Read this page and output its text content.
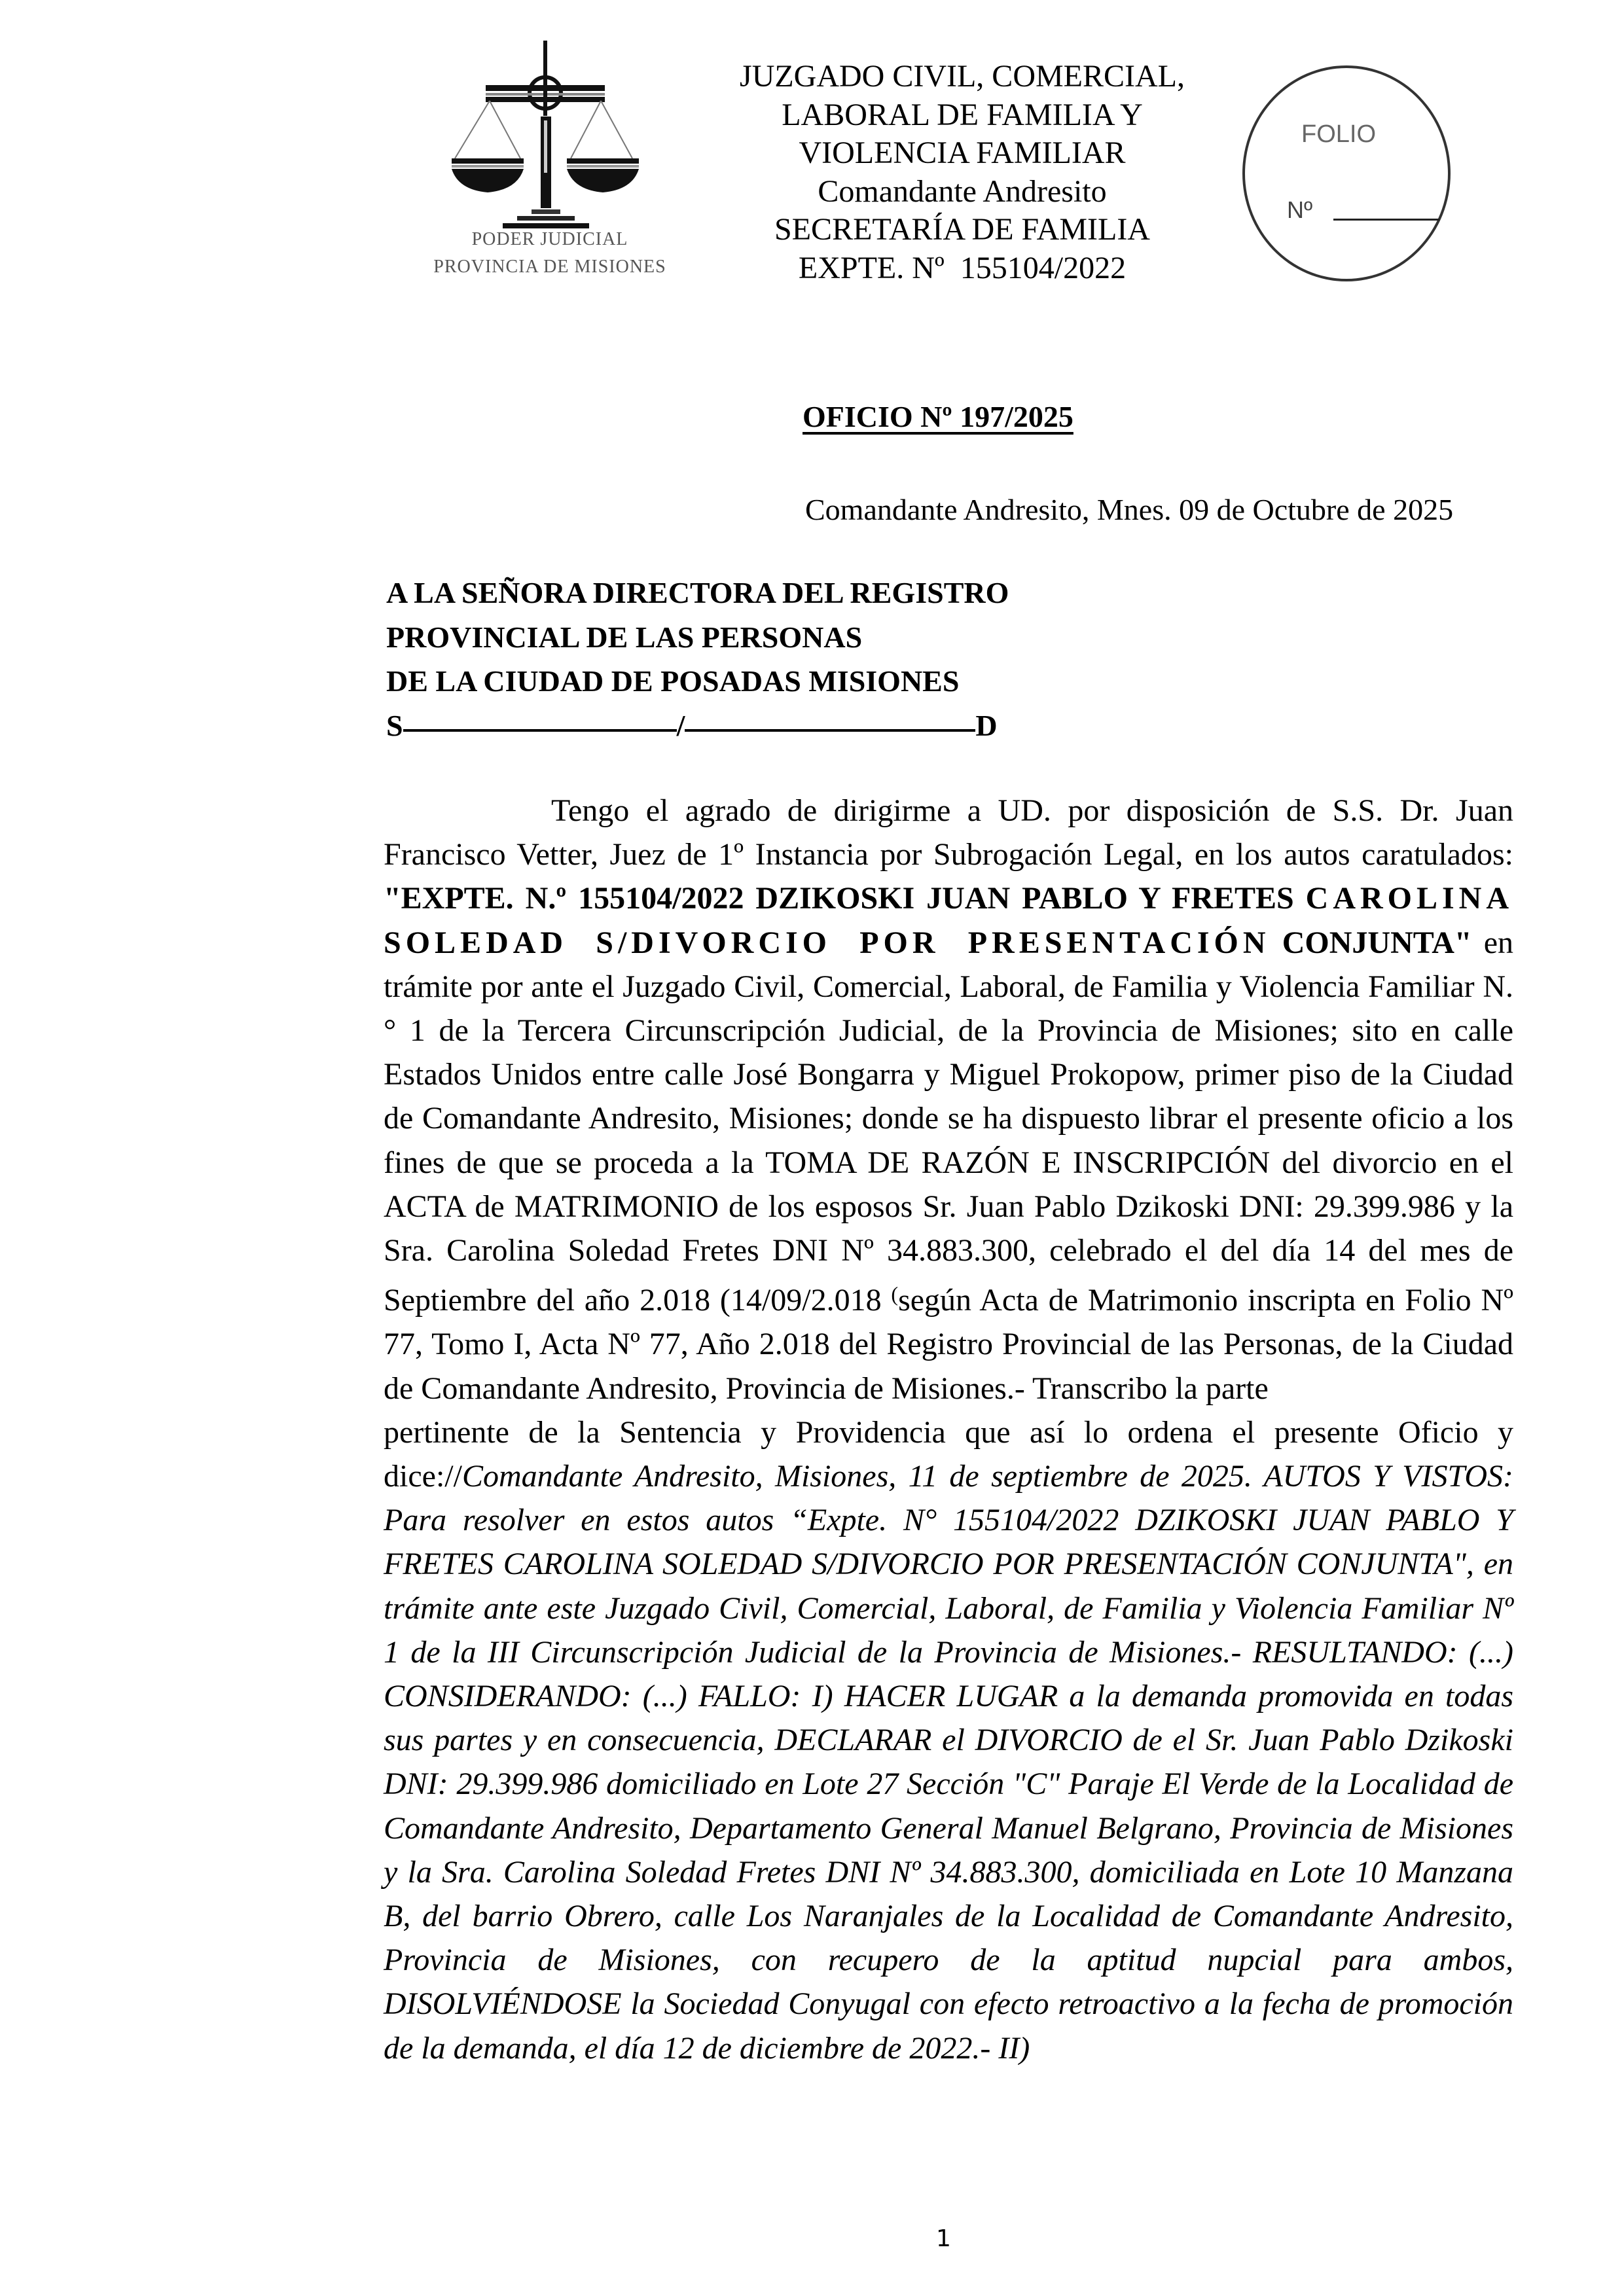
PODER JUDICIAL
PROVINCIA DE MISIONES
JUZGADO CIVIL, COMERCIAL,
LABORAL DE FAMILIA Y
VIOLENCIA FAMILIAR
Comandante Andresito
SECRETARÍA DE FAMILIA
EXPTE. Nº  155104/2022
FOLIO
Nº
OFICIO Nº 197/2025
Comandante Andresito, Mnes. 09 de Octubre de 2025
A LA SEÑORA DIRECTORA DEL REGISTRO
PROVINCIAL DE LAS PERSONAS
DE LA CIUDAD DE POSADAS MISIONES
S	/	D

Tengo el agrado de dirigirme a UD. por disposición de S.S. Dr. Juan Francisco Vetter, Juez de 1º Instancia por Subrogación Legal, en los autos caratulados: "EXPTE. N.º 155104/2022 DZIKOSKI JUAN PABLO Y FRETES CAROLINA SOLEDAD S/DIVORCIO POR PRESENTACIÓN CONJUNTA" en trámite por ante el Juzgado Civil, Comercial, Laboral, de Familia y Violencia Familiar N.° 1 de la Tercera Circunscripción Judicial, de la Provincia de Misiones; sito en calle Estados Unidos entre calle José Bongarra y Miguel Prokopow, primer piso de la Ciudad de Comandante Andresito, Misiones; donde se ha dispuesto librar el presente oficio a los fines de que se proceda a la TOMA DE RAZÓN E INSCRIPCIÓN del divorcio en el ACTA de MATRIMONIO de los esposos Sr. Juan Pablo Dzikoski DNI: 29.399.986 y la Sra. Carolina Soledad Fretes DNI Nº 34.883.300, celebrado el del día 14 del mes de Septiembre del año 2.018 (14/09/2.018 (según Acta de Matrimonio inscripta en Folio Nº 77, Tomo I, Acta Nº 77, Año 2.018 del Registro Provincial de las Personas, de la Ciudad de Comandante Andresito, Provincia de Misiones.- Transcribo la parte

pertinente de la Sentencia y Providencia que así lo ordena el presente Oficio y dice://Comandante Andresito, Misiones, 11 de septiembre de 2025. AUTOS Y VISTOS: Para resolver en estos autos “Expte. N° 155104/2022 DZIKOSKI JUAN PABLO Y FRETES CAROLINA SOLEDAD S/DIVORCIO POR PRESENTACIÓN CONJUNTA", en trámite ante este Juzgado Civil, Comercial, Laboral, de Familia y Violencia Familiar Nº 1 de la III Circunscripción Judicial de la Provincia de Misiones.- RESULTANDO: (...) CONSIDERANDO: (...) FALLO: I) HACER LUGAR a la demanda promovida en todas sus partes y en consecuencia, DECLARAR el DIVORCIO de el Sr. Juan Pablo Dzikoski DNI: 29.399.986 domiciliado en Lote 27 Sección "C" Paraje El Verde de la Localidad de Comandante Andresito, Departamento General Manuel Belgrano, Provincia de Misiones y la Sra. Carolina Soledad Fretes DNI Nº 34.883.300, domiciliada en Lote 10 Manzana B, del barrio Obrero, calle Los Naranjales de la Localidad de Comandante Andresito, Provincia de Misiones, con recupero de la aptitud nupcial para ambos, DISOLVIÉNDOSE la Sociedad Conyugal con efecto retroactivo a la fecha de promoción de la demanda, el día 12 de diciembre de 2022.- II)

1
